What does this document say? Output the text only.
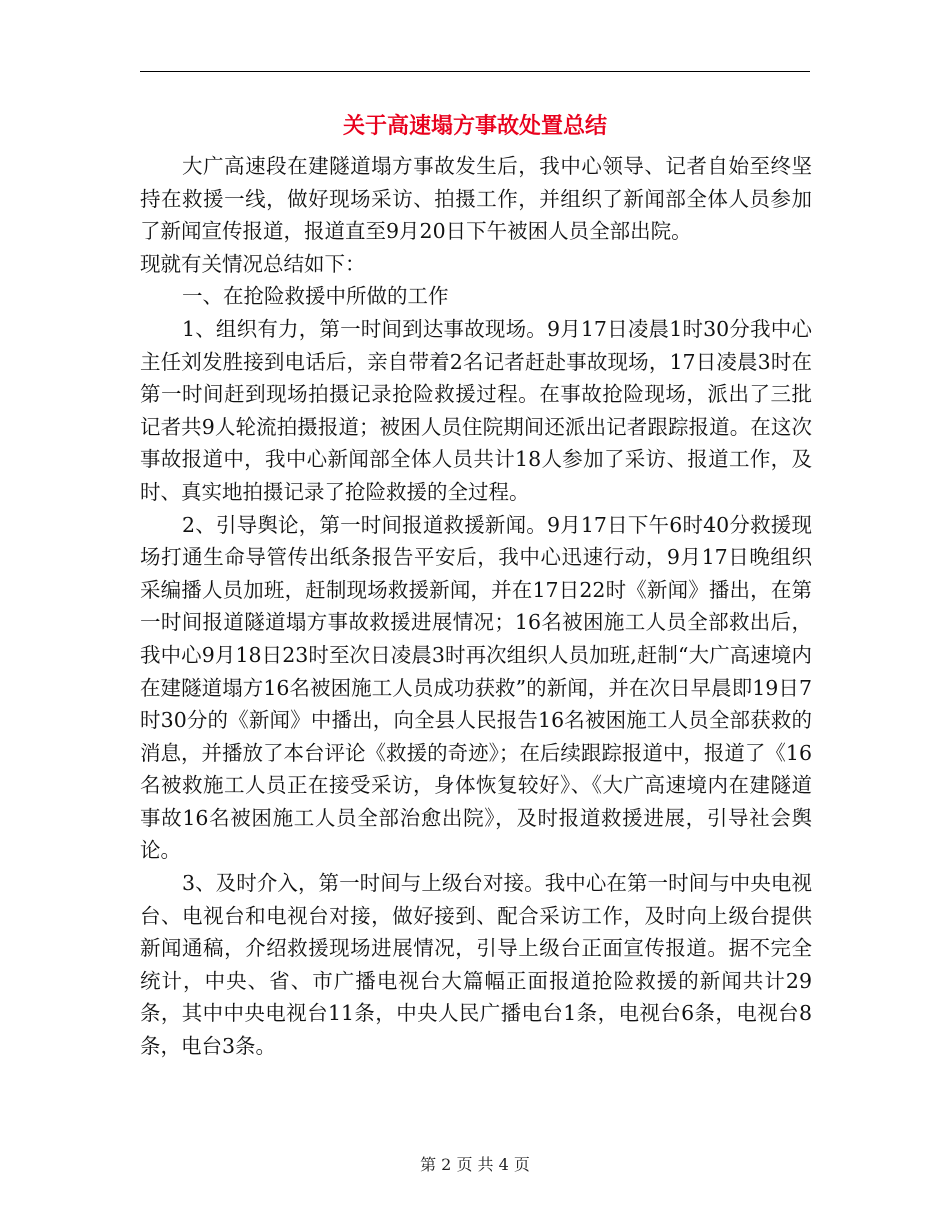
关于高速塌方事故处置总结

大广高速段在建隧道塌方事故发生后，我中心领导、记者自始至终坚持在救援一线，做好现场采访、拍摄工作，并组织了新闻部全体人员参加了新闻宣传报道，报道直至9月20日下午被困人员全部出院。

现就有关情况总结如下：

一、在抢险救援中所做的工作

1、组织有力，第一时间到达事故现场。9月17日凌晨1时30分我中心主任刘发胜接到电话后，亲自带着2名记者赶赴事故现场，17日凌晨3时在第一时间赶到现场拍摄记录抢险救援过程。在事故抢险现场，派出了三批记者共9人轮流拍摄报道；被困人员住院期间还派出记者跟踪报道。在这次事故报道中，我中心新闻部全体人员共计18人参加了采访、报道工作，及时、真实地拍摄记录了抢险救援的全过程。

2、引导舆论，第一时间报道救援新闻。9月17日下午6时40分救援现场打通生命导管传出纸条报告平安后，我中心迅速行动，9月17日晚组织采编播人员加班，赶制现场救援新闻，并在17日22时《新闻》播出，在第一时间报道隧道塌方事故救援进展情况；16名被困施工人员全部救出后，我中心9月18日23时至次日凌晨3时再次组织人员加班,赶制“大广高速境内在建隧道塌方16名被困施工人员成功获救”的新闻，并在次日早晨即19日7时30分的《新闻》中播出，向全县人民报告16名被困施工人员全部获救的消息，并播放了本台评论《救援的奇迹》；在后续跟踪报道中，报道了《16名被救施工人员正在接受采访，身体恢复较好》、《大广高速境内在建隧道事故16名被困施工人员全部治愈出院》，及时报道救援进展，引导社会舆论。

3、及时介入，第一时间与上级台对接。我中心在第一时间与中央电视台、电视台和电视台对接，做好接到、配合采访工作，及时向上级台提供新闻通稿，介绍救援现场进展情况，引导上级台正面宣传报道。据不完全统计，中央、省、市广播电视台大篇幅正面报道抢险救援的新闻共计29条，其中中央电视台11条，中央人民广播电台1条，电视台6条，电视台8条，电台3条。

第 2 页 共 4 页
